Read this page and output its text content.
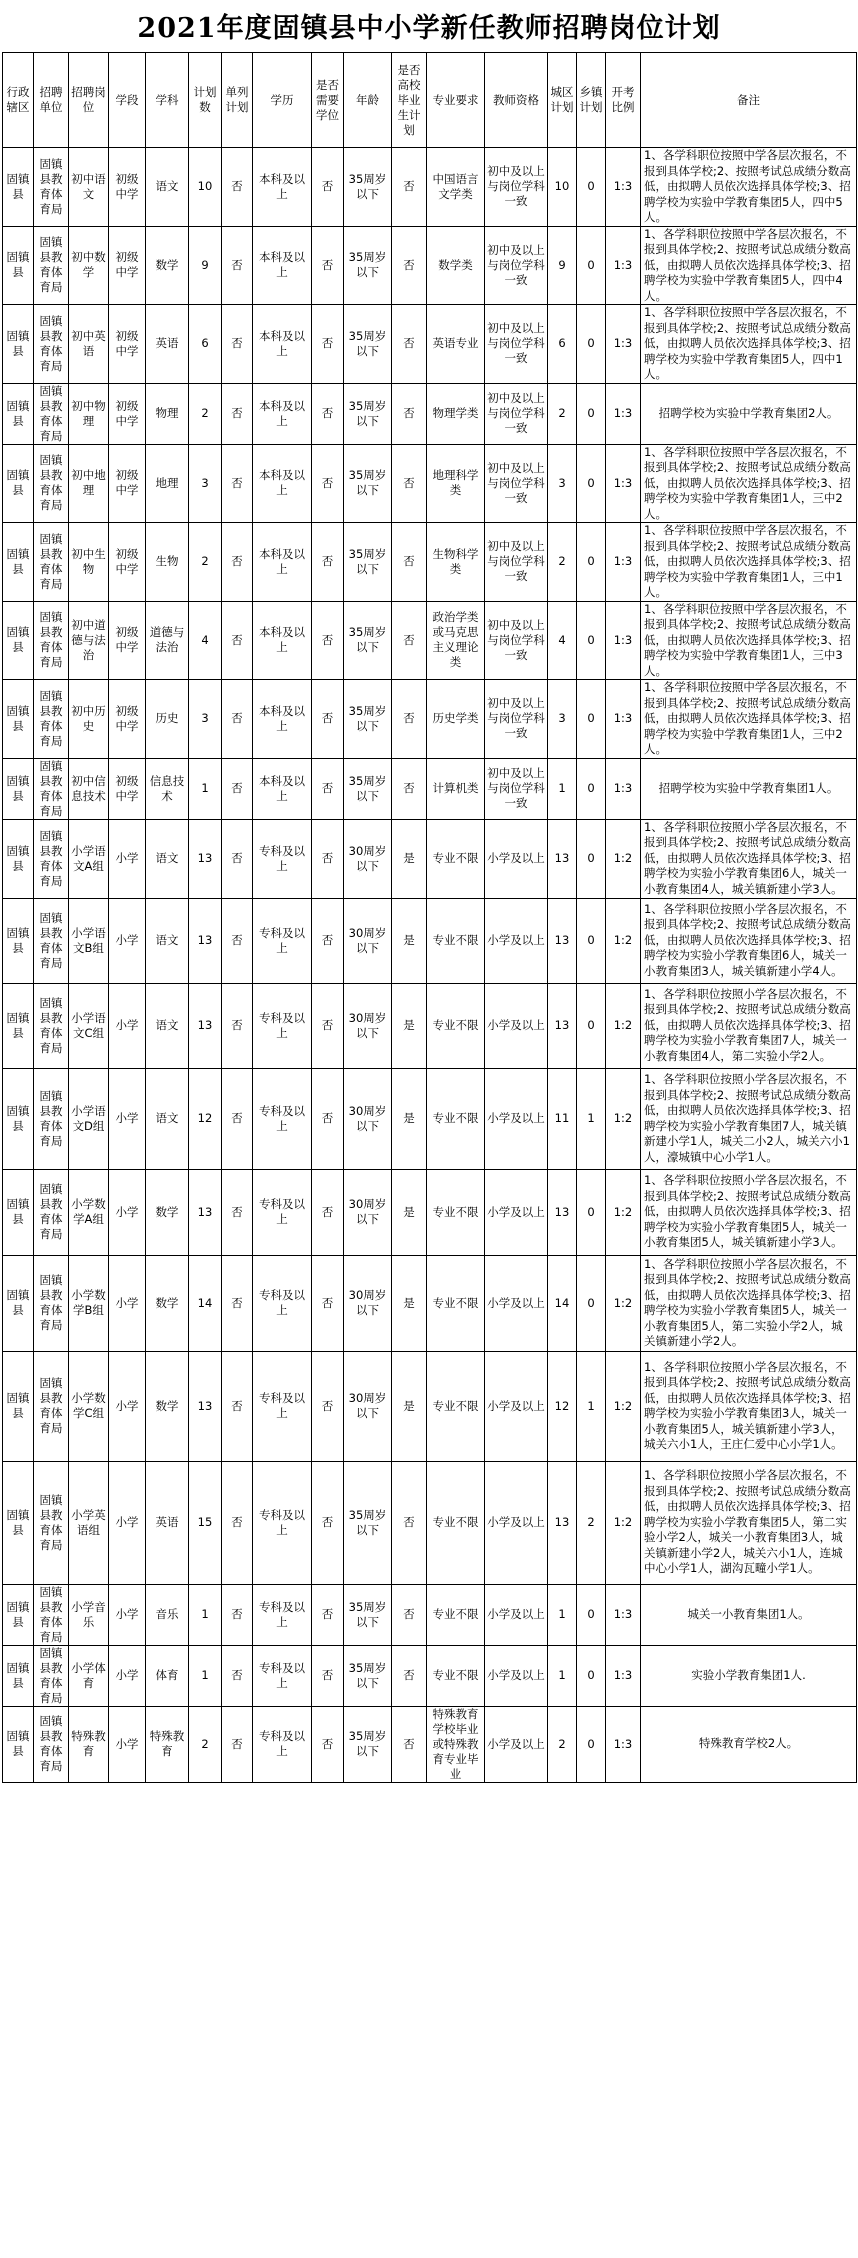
2021年度固镇县中小学新任教师招聘岗位计划
行政辖区	招聘单位	招聘岗位	学段	学科	计划数	单列计划	学历	是否需要学位	年龄	是否高校毕业生计划	专业要求	教师资格	城区计划	乡镇计划	开考比例	备注
固镇县	固镇县教育体育局	初中语文	初级中学	语文	10	否	本科及以上	否	35周岁以下	否	中国语言文学类	初中及以上与岗位学科一致	10	0	1:3	1、各学科职位按照中学各层次报名，不报到具体学校;2、按照考试总成绩分数高低，由拟聘人员依次选择具体学校;3、招聘学校为实验中学教育集团5人，四中5人。
固镇县	固镇县教育体育局	初中数学	初级中学	数学	9	否	本科及以上	否	35周岁以下	否	数学类	初中及以上与岗位学科一致	9	0	1:3	1、各学科职位按照中学各层次报名，不报到具体学校;2、按照考试总成绩分数高低，由拟聘人员依次选择具体学校;3、招聘学校为实验中学教育集团5人，四中4人。
固镇县	固镇县教育体育局	初中英语	初级中学	英语	6	否	本科及以上	否	35周岁以下	否	英语专业	初中及以上与岗位学科一致	6	0	1:3	1、各学科职位按照中学各层次报名，不报到具体学校;2、按照考试总成绩分数高低，由拟聘人员依次选择具体学校;3、招聘学校为实验中学教育集团5人，四中1人。
固镇县	固镇县教育体育局	初中物理	初级中学	物理	2	否	本科及以上	否	35周岁以下	否	物理学类	初中及以上与岗位学科一致	2	0	1:3	招聘学校为实验中学教育集团2人。
固镇县	固镇县教育体育局	初中地理	初级中学	地理	3	否	本科及以上	否	35周岁以下	否	地理科学类	初中及以上与岗位学科一致	3	0	1:3	1、各学科职位按照中学各层次报名，不报到具体学校;2、按照考试总成绩分数高低，由拟聘人员依次选择具体学校;3、招聘学校为实验中学教育集团1人，三中2人。
固镇县	固镇县教育体育局	初中生物	初级中学	生物	2	否	本科及以上	否	35周岁以下	否	生物科学类	初中及以上与岗位学科一致	2	0	1:3	1、各学科职位按照中学各层次报名，不报到具体学校;2、按照考试总成绩分数高低，由拟聘人员依次选择具体学校;3、招聘学校为实验中学教育集团1人，三中1人。
固镇县	固镇县教育体育局	初中道德与法治	初级中学	道德与法治	4	否	本科及以上	否	35周岁以下	否	政治学类或马克思主义理论类	初中及以上与岗位学科一致	4	0	1:3	1、各学科职位按照中学各层次报名，不报到具体学校;2、按照考试总成绩分数高低，由拟聘人员依次选择具体学校;3、招聘学校为实验中学教育集团1人，三中3人。
固镇县	固镇县教育体育局	初中历史	初级中学	历史	3	否	本科及以上	否	35周岁以下	否	历史学类	初中及以上与岗位学科一致	3	0	1:3	1、各学科职位按照中学各层次报名，不报到具体学校;2、按照考试总成绩分数高低，由拟聘人员依次选择具体学校;3、招聘学校为实验中学教育集团1人，三中2人。
固镇县	固镇县教育体育局	初中信息技术	初级中学	信息技术	1	否	本科及以上	否	35周岁以下	否	计算机类	初中及以上与岗位学科一致	1	0	1:3	招聘学校为实验中学教育集团1人。
固镇县	固镇县教育体育局	小学语文A组	小学	语文	13	否	专科及以上	否	30周岁以下	是	专业不限	小学及以上	13	0	1:2	1、各学科职位按照小学各层次报名，不报到具体学校;2、按照考试总成绩分数高低，由拟聘人员依次选择具体学校;3、招聘学校为实验小学教育集团6人，城关一小教育集团4人，城关镇新建小学3人。
固镇县	固镇县教育体育局	小学语文B组	小学	语文	13	否	专科及以上	否	30周岁以下	是	专业不限	小学及以上	13	0	1:2	1、各学科职位按照小学各层次报名，不报到具体学校;2、按照考试总成绩分数高低，由拟聘人员依次选择具体学校;3、招聘学校为实验小学教育集团6人，城关一小教育集团3人，城关镇新建小学4人。
固镇县	固镇县教育体育局	小学语文C组	小学	语文	13	否	专科及以上	否	30周岁以下	是	专业不限	小学及以上	13	0	1:2	1、各学科职位按照小学各层次报名，不报到具体学校;2、按照考试总成绩分数高低，由拟聘人员依次选择具体学校;3、招聘学校为实验小学教育集团7人，城关一小教育集团4人，第二实验小学2人。
固镇县	固镇县教育体育局	小学语文D组	小学	语文	12	否	专科及以上	否	30周岁以下	是	专业不限	小学及以上	11	1	1:2	1、各学科职位按照小学各层次报名，不报到具体学校;2、按照考试总成绩分数高低，由拟聘人员依次选择具体学校;3、招聘学校为实验小学教育集团7人，城关镇新建小学1人，城关二小2人，城关六小1人，濠城镇中心小学1人。
固镇县	固镇县教育体育局	小学数学A组	小学	数学	13	否	专科及以上	否	30周岁以下	是	专业不限	小学及以上	13	0	1:2	1、各学科职位按照小学各层次报名，不报到具体学校;2、按照考试总成绩分数高低，由拟聘人员依次选择具体学校;3、招聘学校为实验小学教育集团5人，城关一小教育集团5人，城关镇新建小学3人。
固镇县	固镇县教育体育局	小学数学B组	小学	数学	14	否	专科及以上	否	30周岁以下	是	专业不限	小学及以上	14	0	1:2	1、各学科职位按照小学各层次报名，不报到具体学校;2、按照考试总成绩分数高低，由拟聘人员依次选择具体学校;3、招聘学校为实验小学教育集团5人，城关一小教育集团5人，第二实验小学2人，城关镇新建小学2人。
固镇县	固镇县教育体育局	小学数学C组	小学	数学	13	否	专科及以上	否	30周岁以下	是	专业不限	小学及以上	12	1	1:2	1、各学科职位按照小学各层次报名，不报到具体学校;2、按照考试总成绩分数高低，由拟聘人员依次选择具体学校;3、招聘学校为实验小学教育集团3人，城关一小教育集团5人，城关镇新建小学3人，城关六小1人，王庄仁爱中心小学1人。
固镇县	固镇县教育体育局	小学英语组	小学	英语	15	否	专科及以上	否	35周岁以下	否	专业不限	小学及以上	13	2	1:2	1、各学科职位按照小学各层次报名，不报到具体学校;2、按照考试总成绩分数高低，由拟聘人员依次选择具体学校;3、招聘学校为实验小学教育集团5人，第二实验小学2人，城关一小教育集团3人，城关镇新建小学2人，城关六小1人，连城中心小学1人，湖沟瓦疃小学1人。
固镇县	固镇县教育体育局	小学音乐	小学	音乐	1	否	专科及以上	否	35周岁以下	否	专业不限	小学及以上	1	0	1:3	城关一小教育集团1人。
固镇县	固镇县教育体育局	小学体育	小学	体育	1	否	专科及以上	否	35周岁以下	否	专业不限	小学及以上	1	0	1:3	实验小学教育集团1人.
固镇县	固镇县教育体育局	特殊教育	小学	特殊教育	2	否	专科及以上	否	35周岁以下	否	特殊教育学校毕业或特殊教育专业毕业	小学及以上	2	0	1:3	特殊教育学校2人。
